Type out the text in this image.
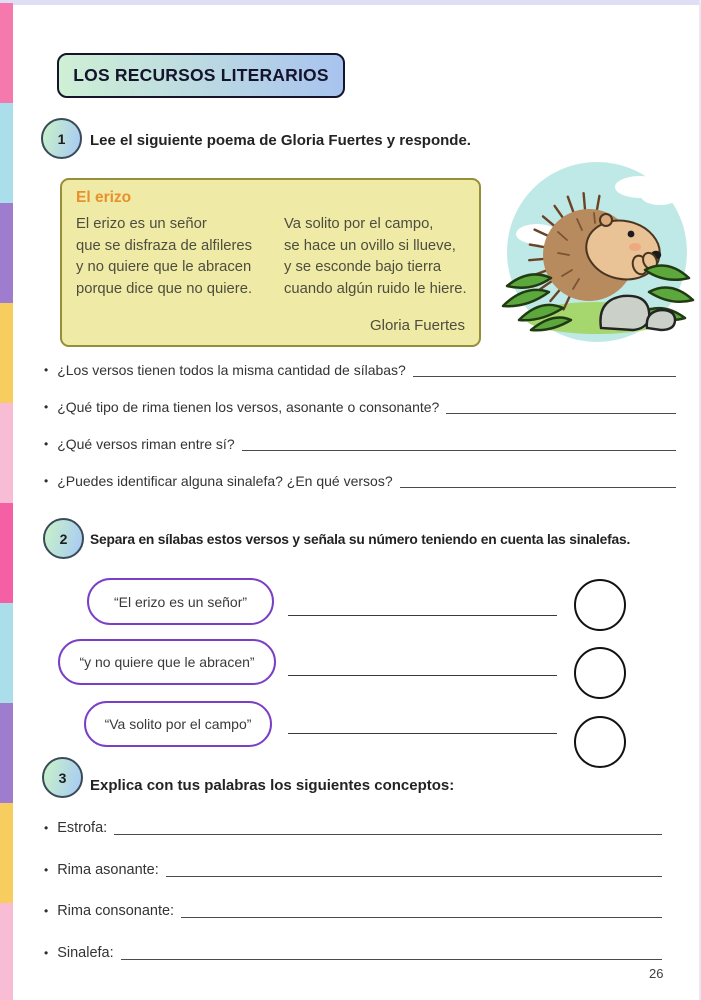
LOS RECURSOS LITERARIOS
1 Lee el siguiente poema de Gloria Fuertes y responde.
El erizo
El erizo es un señor
que se disfraza de alfileres
y no quiere que le abracen
porque dice que no quiere.
Va solito por el campo,
se hace un ovillo si llueve,
y se esconde bajo tierra
cuando algún ruido le hiere.
Gloria Fuertes
• ¿Los versos tienen todos la misma cantidad de sílabas?
• ¿Qué tipo de rima tienen los versos, asonante o consonante?
• ¿Qué versos riman entre sí?
• ¿Puedes identificar alguna sinalefa? ¿En qué versos?
2 Separa en sílabas estos versos y señala su número teniendo en cuenta las sinalefas.
“El erizo es un señor”
“y no quiere que le abracen”
“Va solito por el campo”
3 Explica con tus palabras los siguientes conceptos:
• Estrofa:
• Rima asonante:
• Rima consonante:
• Sinalefa:
26
